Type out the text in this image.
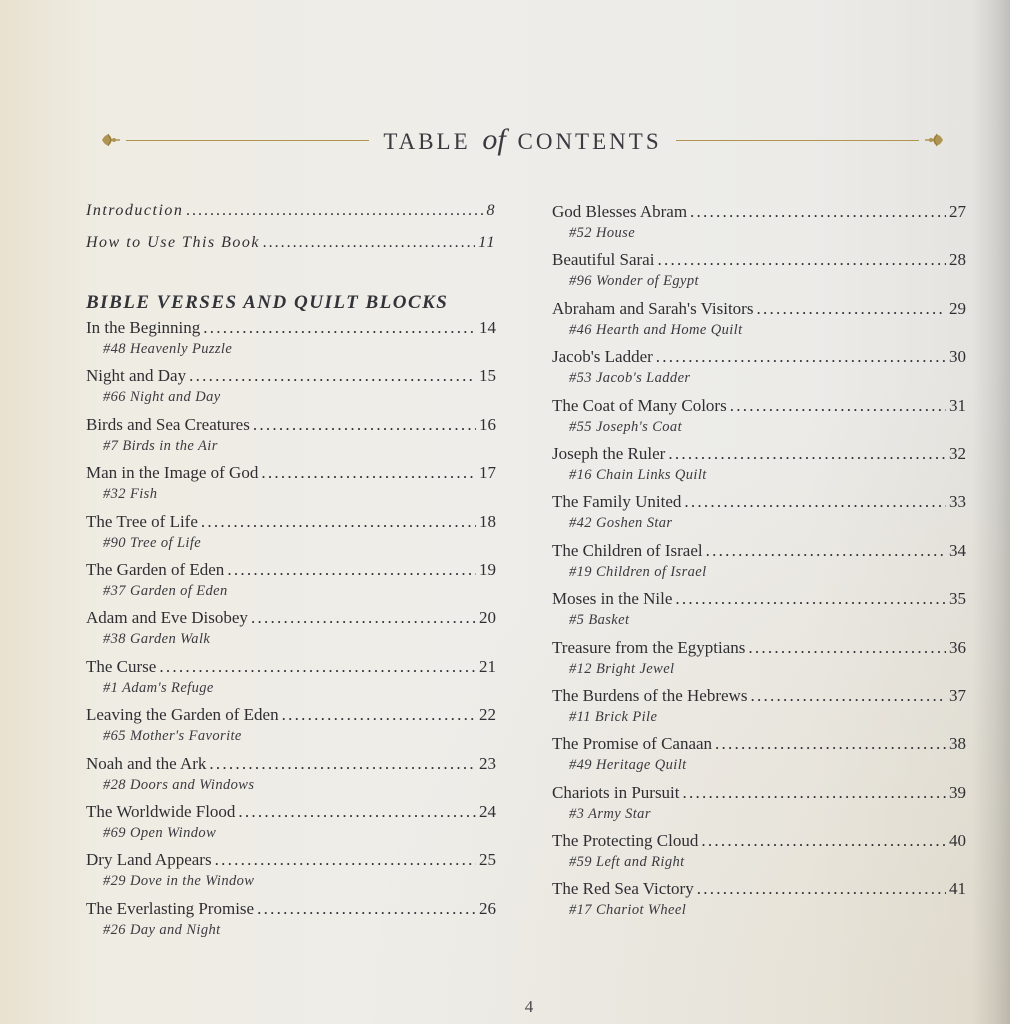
TABLE of CONTENTS
Introduction . . .	8
How to Use This Book . . .	11
BIBLE VERSES AND QUILT BLOCKS
In the Beginning . . .	14
#48 Heavenly Puzzle
Night and Day . . .	15
#66 Night and Day
Birds and Sea Creatures . . .	16
#7 Birds in the Air
Man in the Image of God . . .	17
#32 Fish
The Tree of Life . . .	18
#90 Tree of Life
The Garden of Eden . . .	19
#37 Garden of Eden
Adam and Eve Disobey . . .	20
#38 Garden Walk
The Curse . . .	21
#1 Adam's Refuge
Leaving the Garden of Eden . . .	22
#65 Mother's Favorite
Noah and the Ark . . .	23
#28 Doors and Windows
The Worldwide Flood . . .	24
#69 Open Window
Dry Land Appears . . .	25
#29 Dove in the Window
The Everlasting Promise . . .	26
#26 Day and Night
God Blesses Abram . . .	27
#52 House
Beautiful Sarai . . .	28
#96 Wonder of Egypt
Abraham and Sarah's Visitors . . .	29
#46 Hearth and Home Quilt
Jacob's Ladder . . .	30
#53 Jacob's Ladder
The Coat of Many Colors . . .	31
#55 Joseph's Coat
Joseph the Ruler . . .	32
#16 Chain Links Quilt
The Family United . . .	33
#42 Goshen Star
The Children of Israel . . .	34
#19 Children of Israel
Moses in the Nile . . .	35
#5 Basket
Treasure from the Egyptians . . .	36
#12 Bright Jewel
The Burdens of the Hebrews . . .	37
#11 Brick Pile
The Promise of Canaan . . .	38
#49 Heritage Quilt
Chariots in Pursuit . . .	39
#3 Army Star
The Protecting Cloud . . .	40
#59 Left and Right
The Red Sea Victory . . .	41
#17 Chariot Wheel
4
